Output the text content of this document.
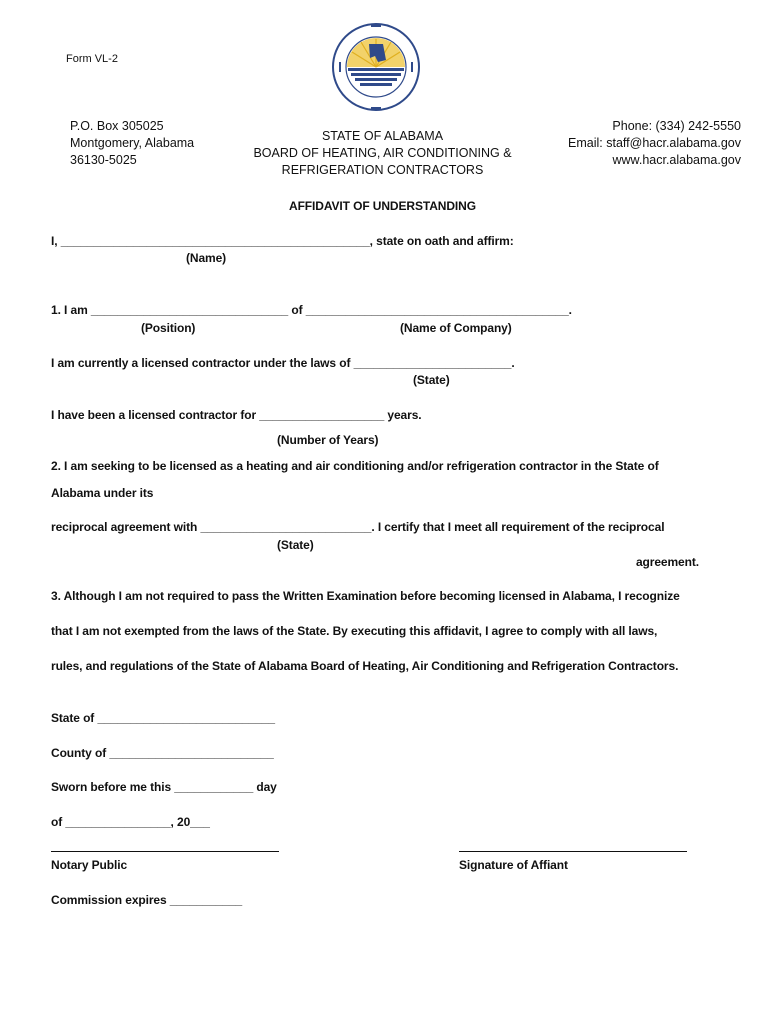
Form VL-2
P.O. Box 305025
Montgomery, Alabama
36130-5025
STATE OF ALABAMA
BOARD OF HEATING, AIR CONDITIONING &
REFRIGERATION CONTRACTORS
Phone: (334) 242-5550
Email: staff@hacr.alabama.gov
www.hacr.alabama.gov
AFFIDAVIT OF UNDERSTANDING
I, _______________________________________________, state on oath and affirm:
(Name)
1. I am ______________________________ of ________________________________________.
(Position)	(Name of Company)
I am currently a licensed contractor under the laws of ________________________.
(State)
I have been a licensed contractor for ___________________ years.
(Number of Years)
2. I am seeking to be licensed as a heating and air conditioning and/or refrigeration contractor in the State of
Alabama under its
reciprocal agreement with __________________________. I certify that I meet all requirement of the reciprocal
(State)
agreement.
3. Although I am not required to pass the Written Examination before becoming licensed in Alabama, I recognize
that I am not exempted from the laws of the State. By executing this affidavit, I agree to comply with all laws,
rules, and regulations of the State of Alabama Board of Heating, Air Conditioning and Refrigeration Contractors.
State of ___________________________
County of _________________________
Sworn before me this ____________ day
of ________________, 20___
Notary Public	Signature of Affiant
Commission expires ___________
